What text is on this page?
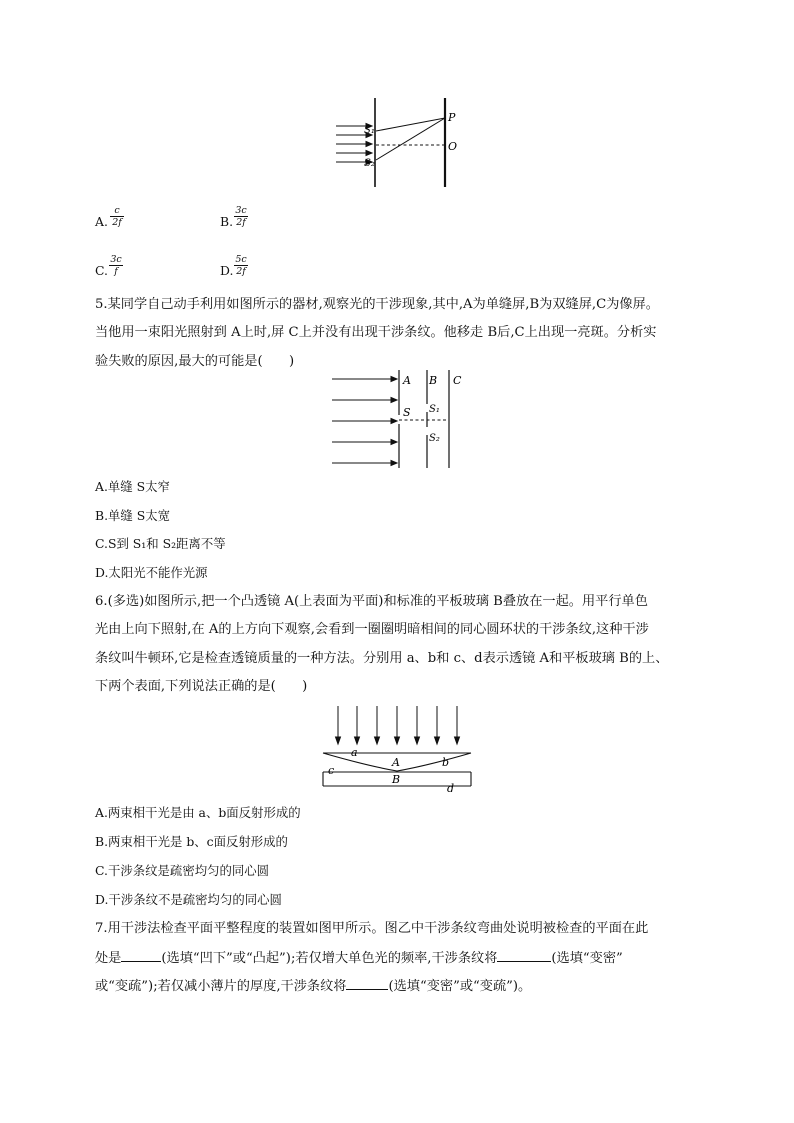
S₁
S₂
P
O
A. $\frac{c}{2f}$	B. $\frac{3c}{2f}$
C. $\frac{3c}{f}$	D. $\frac{5c}{2f}$
5.某同学自己动手利用如图所示的器材,观察光的干涉现象,其中,A为单缝屏,B为双缝屏,C为像屏。
当他用一束阳光照射到 A上时,屏 C上并没有出现干涉条纹。他移走 B后,C上出现一亮斑。分析实
验失败的原因,最大的可能是(　　)
A B C
S S₁
S₂
A.单缝 S太窄
B.单缝 S太宽
C.S到 S₁和 S₂距离不等
D.太阳光不能作光源
6.(多选)如图所示,把一个凸透镜 A(上表面为平面)和标准的平板玻璃 B叠放在一起。用平行单色
光由上向下照射,在 A的上方向下观察,会看到一圈圈明暗相间的同心圆环状的干涉条纹,这种干涉
条纹叫牛顿环,它是检查透镜质量的一种方法。分别用 a、b和 c、d表示透镜 A和平板玻璃 B的上、
下两个表面,下列说法正确的是(　　)
a
A	b
c
B
d
A.两束相干光是由 a、b面反射形成的
B.两束相干光是 b、c面反射形成的
C.干涉条纹是疏密均匀的同心圆
D.干涉条纹不是疏密均匀的同心圆
7.用干涉法检查平面平整程度的装置如图甲所示。图乙中干涉条纹弯曲处说明被检查的平面在此
处是	(选填“凹下”或“凸起”);若仅增大单色光的频率,干涉条纹将	(选填“变密”
或“变疏”);若仅减小薄片的厚度,干涉条纹将	(选填“变密”或“变疏”)。
